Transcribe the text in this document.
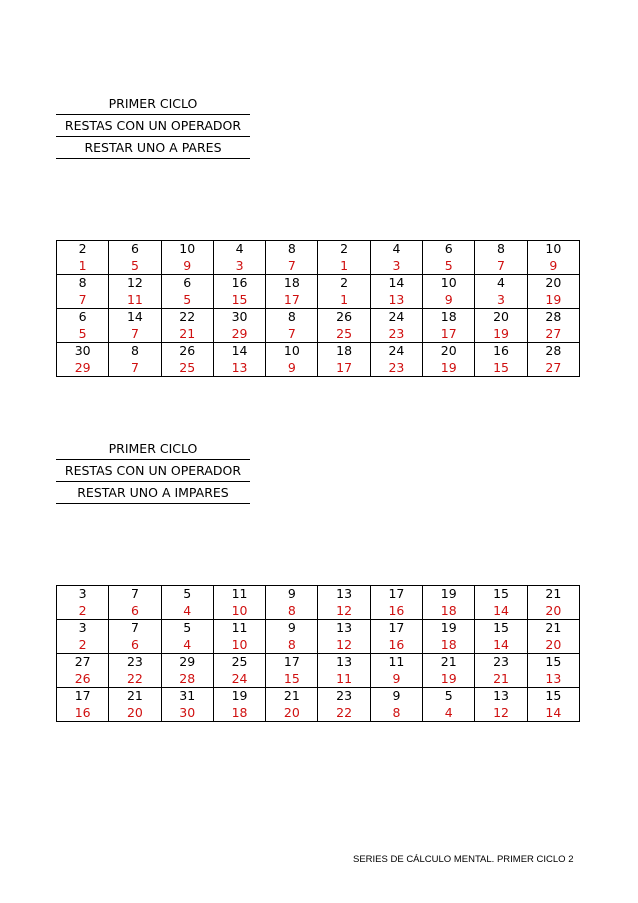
PRIMER CICLO
RESTAS CON UN OPERADOR
RESTAR UNO A PARES
2	6	10	4	8	2	4	6	8	10
1	5	9	3	7	1	3	5	7	9
8	12	6	16	18	2	14	10	4	20
7	11	5	15	17	1	13	9	3	19
6	14	22	30	8	26	24	18	20	28
5	7	21	29	7	25	23	17	19	27
30	8	26	14	10	18	24	20	16	28
29	7	25	13	9	17	23	19	15	27
PRIMER CICLO
RESTAS CON UN OPERADOR
RESTAR UNO A IMPARES
3	7	5	11	9	13	17	19	15	21
2	6	4	10	8	12	16	18	14	20
3	7	5	11	9	13	17	19	15	21
2	6	4	10	8	12	16	18	14	20
27	23	29	25	17	13	11	21	23	15
26	22	28	24	15	11	9	19	21	13
17	21	31	19	21	23	9	5	13	15
16	20	30	18	20	22	8	4	12	14
SERIES DE CÁLCULO MENTAL. PRIMER CICLO 2
